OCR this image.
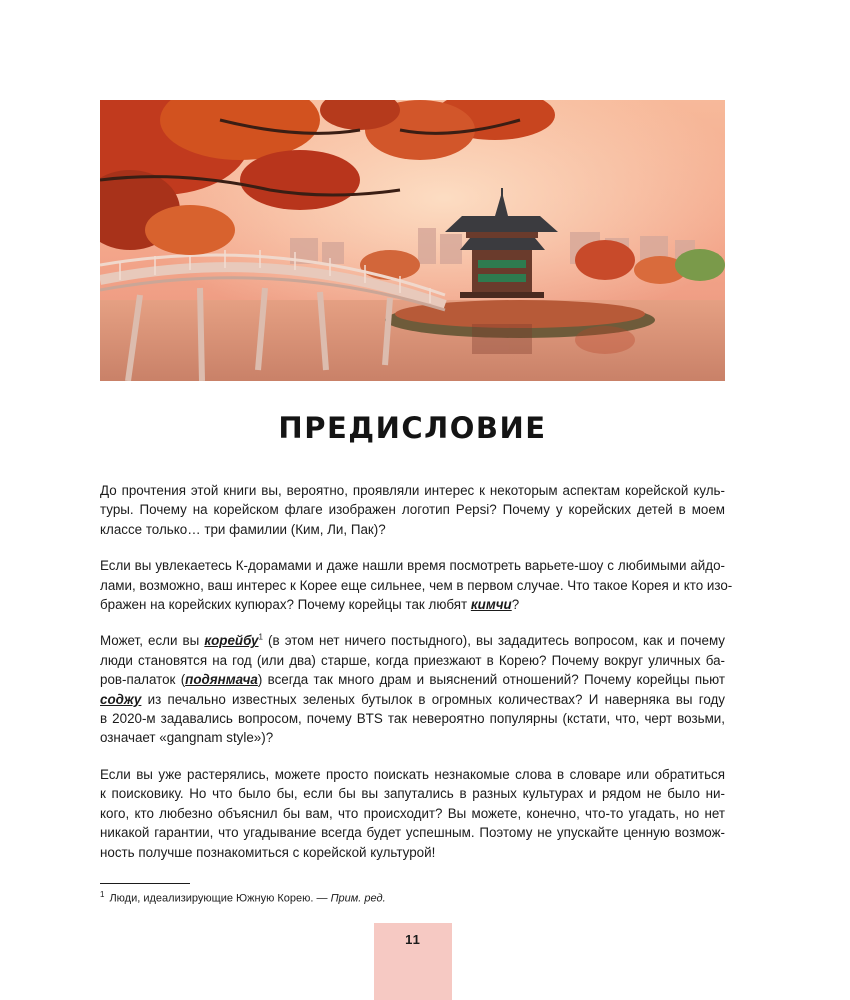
ПРЕДИСЛОВИЕ

До прочтения этой книги вы, вероятно, проявляли интерес к некоторым аспектам корейской куль-
туры. Почему на корейском флаге изображен логотип Pepsi? Почему у корейских детей в моем
классе только… три фамилии (Ким, Ли, Пак)?

Если вы увлекаетесь К-дорамами и даже нашли время посмотреть варьете-шоу с любимыми айдо-
лами, возможно, ваш интерес к Корее еще сильнее, чем в первом случае. Что такое Корея и кто изо-
бражен на корейских купюрах? Почему корейцы так любят кимчи?

Может, если вы корейбу$^1$ (в этом нет ничего постыдного), вы зададитесь вопросом, как и почему
люди становятся на год (или два) старше, когда приезжают в Корею? Почему вокруг уличных ба-
ров-палаток (подянмача) всегда так много драм и выяснений отношений? Почему корейцы пьют
соджу из печально известных зеленых бутылок в огромных количествах? И наверняка вы году
в 2020-м задавались вопросом, почему BTS так невероятно популярны (кстати, что, черт возьми,
означает «gangnam style»)?

Если вы уже растерялись, можете просто поискать незнакомые слова в словаре или обратиться
к поисковику. Но что было бы, если бы вы запутались в разных культурах и рядом не было ни-
кого, кто любезно объяснил бы вам, что происходит? Вы можете, конечно, что-то угадать, но нет
никакой гарантии, что угадывание всегда будет успешным. Поэтому не упускайте ценную возмож-
ность получше познакомиться с корейской культурой!

$^1$ Люди, идеализирующие Южную Корею. — Прим. ред.
11
